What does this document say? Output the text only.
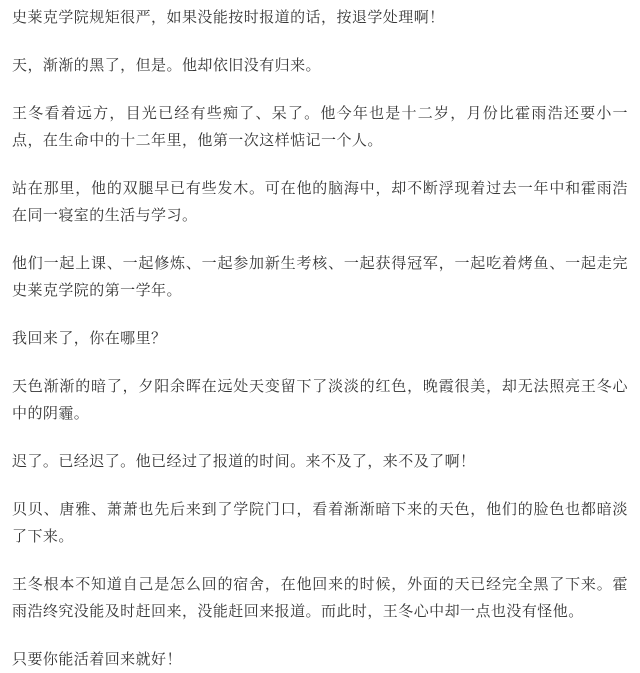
史莱克学院规矩很严，如果没能按时报道的话，按退学处理啊！

天，渐渐的黑了，但是。他却依旧没有归来。

王冬看着远方，目光已经有些痴了、呆了。他今年也是十二岁，月份比霍雨浩还要小一点，在生命中的十二年里，他第一次这样惦记一个人。

站在那里，他的双腿早已有些发木。可在他的脑海中，却不断浮现着过去一年中和霍雨浩在同一寝室的生活与学习。

他们一起上课、一起修炼、一起参加新生考核、一起获得冠军，一起吃着烤鱼、一起走完史莱克学院的第一学年。

我回来了，你在哪里？

天色渐渐的暗了，夕阳余晖在远处天变留下了淡淡的红色，晚霞很美，却无法照亮王冬心中的阴霾。

迟了。已经迟了。他已经过了报道的时间。来不及了，来不及了啊！

贝贝、唐雅、萧萧也先后来到了学院门口，看着渐渐暗下来的天色，他们的脸色也都暗淡了下来。

王冬根本不知道自己是怎么回的宿舍，在他回来的时候，外面的天已经完全黑了下来。霍雨浩终究没能及时赶回来，没能赶回来报道。而此时，王冬心中却一点也没有怪他。

只要你能活着回来就好！
